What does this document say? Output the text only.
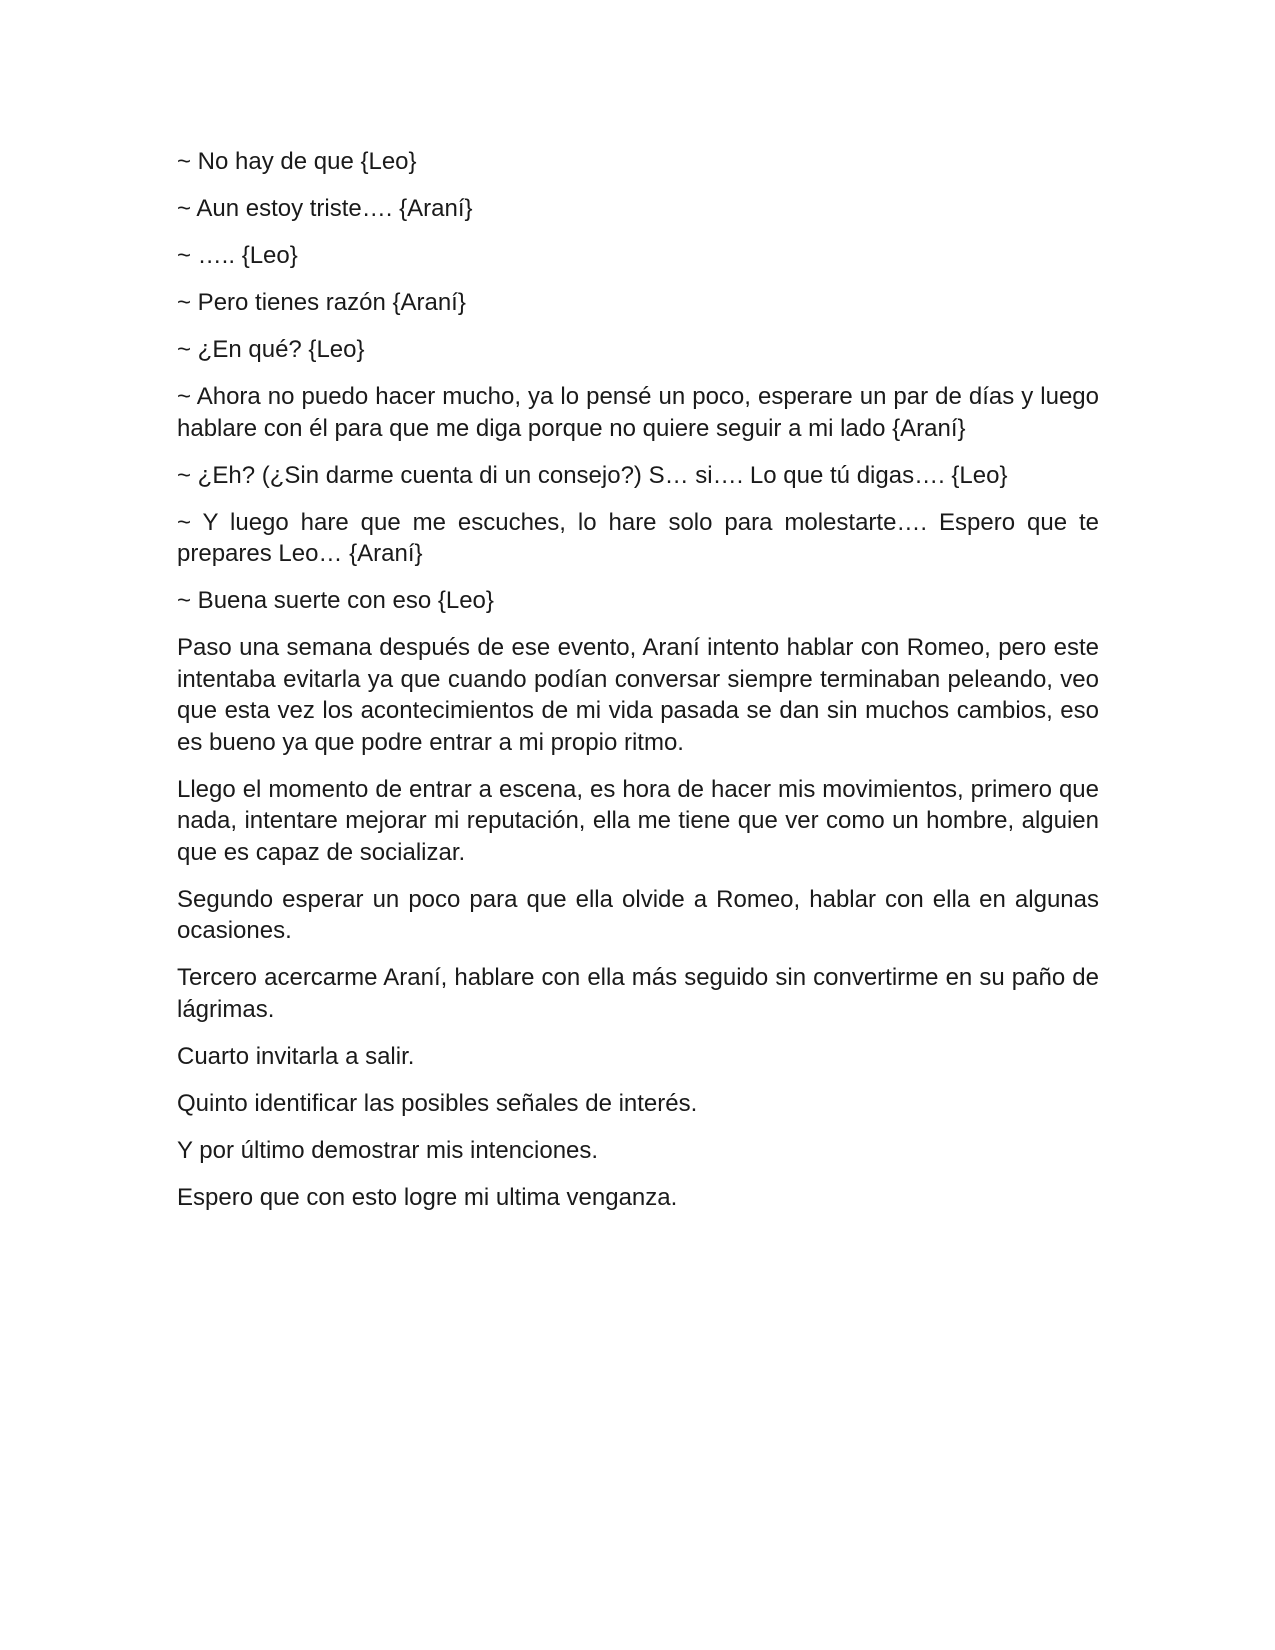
~ No hay de que {Leo}

~ Aun estoy triste…. {Araní}

~ ….. {Leo}

~ Pero tienes razón {Araní}

~ ¿En qué? {Leo}

~ Ahora no puedo hacer mucho, ya lo pensé un poco, esperare un par de días y luego hablare con él para que me diga porque no quiere seguir a mi lado {Araní}

~ ¿Eh? (¿Sin darme cuenta di un consejo?) S… si…. Lo que tú digas…. {Leo}

~ Y luego hare que me escuches, lo hare solo para molestarte…. Espero que te prepares Leo… {Araní}

~ Buena suerte con eso {Leo}

Paso una semana después de ese evento, Araní intento hablar con Romeo, pero este intentaba evitarla ya que cuando podían conversar siempre terminaban peleando, veo que esta vez los acontecimientos de mi vida pasada se dan sin muchos cambios, eso es bueno ya que podre entrar a mi propio ritmo.

Llego el momento de entrar a escena, es hora de hacer mis movimientos, primero que nada, intentare mejorar mi reputación, ella me tiene que ver como un hombre, alguien que es capaz de socializar.

Segundo esperar un poco para que ella olvide a Romeo, hablar con ella en algunas ocasiones.

Tercero acercarme Araní, hablare con ella más seguido sin convertirme en su paño de lágrimas.

Cuarto invitarla a salir.

Quinto identificar las posibles señales de interés.

Y por último demostrar mis intenciones.

Espero que con esto logre mi ultima venganza.
